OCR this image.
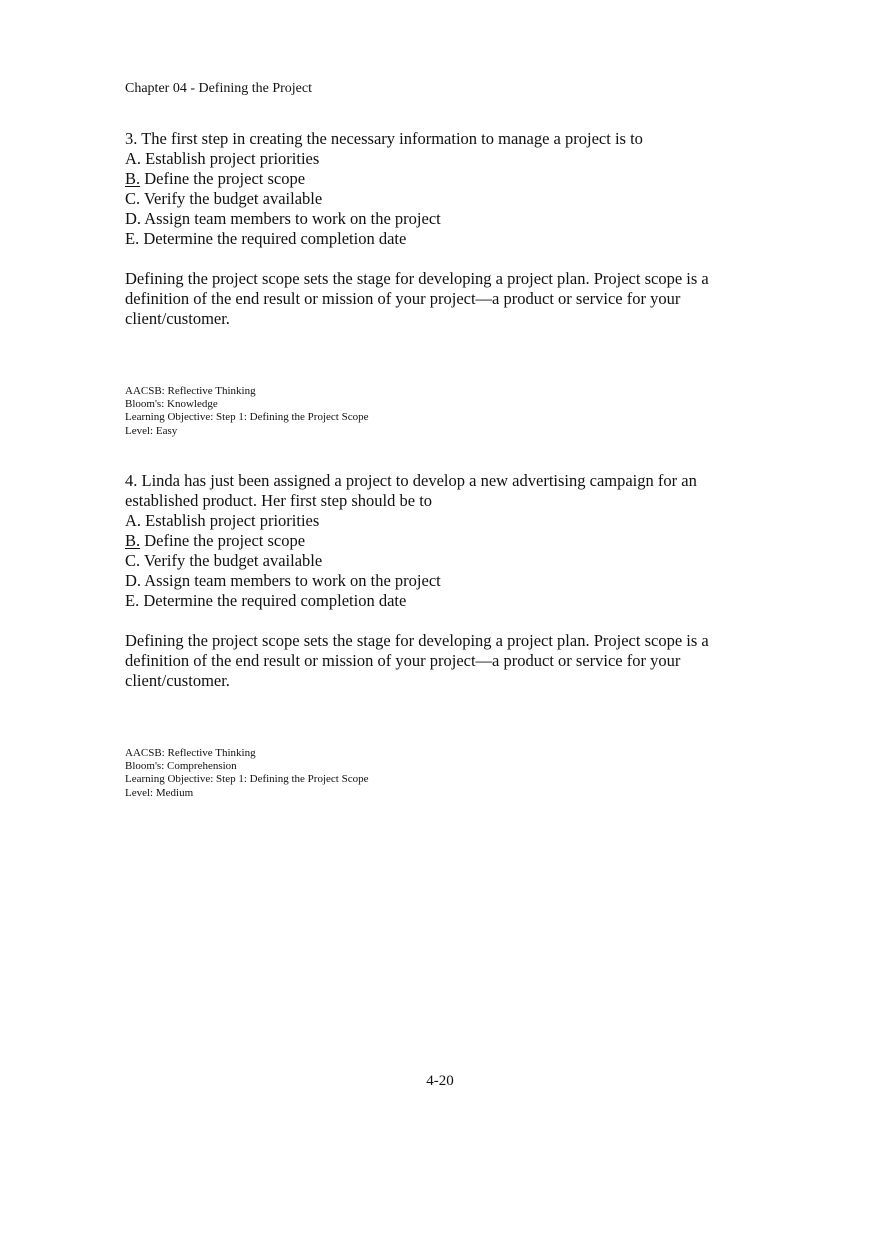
Chapter 04 - Defining the Project

3. The first step in creating the necessary information to manage a project is to

A. Establish project priorities
B. Define the project scope
C. Verify the budget available
D. Assign team members to work on the project
E. Determine the required completion date

Defining the project scope sets the stage for developing a project plan. Project scope is a definition of the end result or mission of your project—a product or service for your client/customer.

AACSB: Reflective Thinking
Bloom's: Knowledge
Learning Objective: Step 1: Defining the Project Scope
Level: Easy

4. Linda has just been assigned a project to develop a new advertising campaign for an established product. Her first step should be to

A. Establish project priorities
B. Define the project scope
C. Verify the budget available
D. Assign team members to work on the project
E. Determine the required completion date

Defining the project scope sets the stage for developing a project plan. Project scope is a definition of the end result or mission of your project—a product or service for your client/customer.

AACSB: Reflective Thinking
Bloom's: Comprehension
Learning Objective: Step 1: Defining the Project Scope
Level: Medium
4-20
